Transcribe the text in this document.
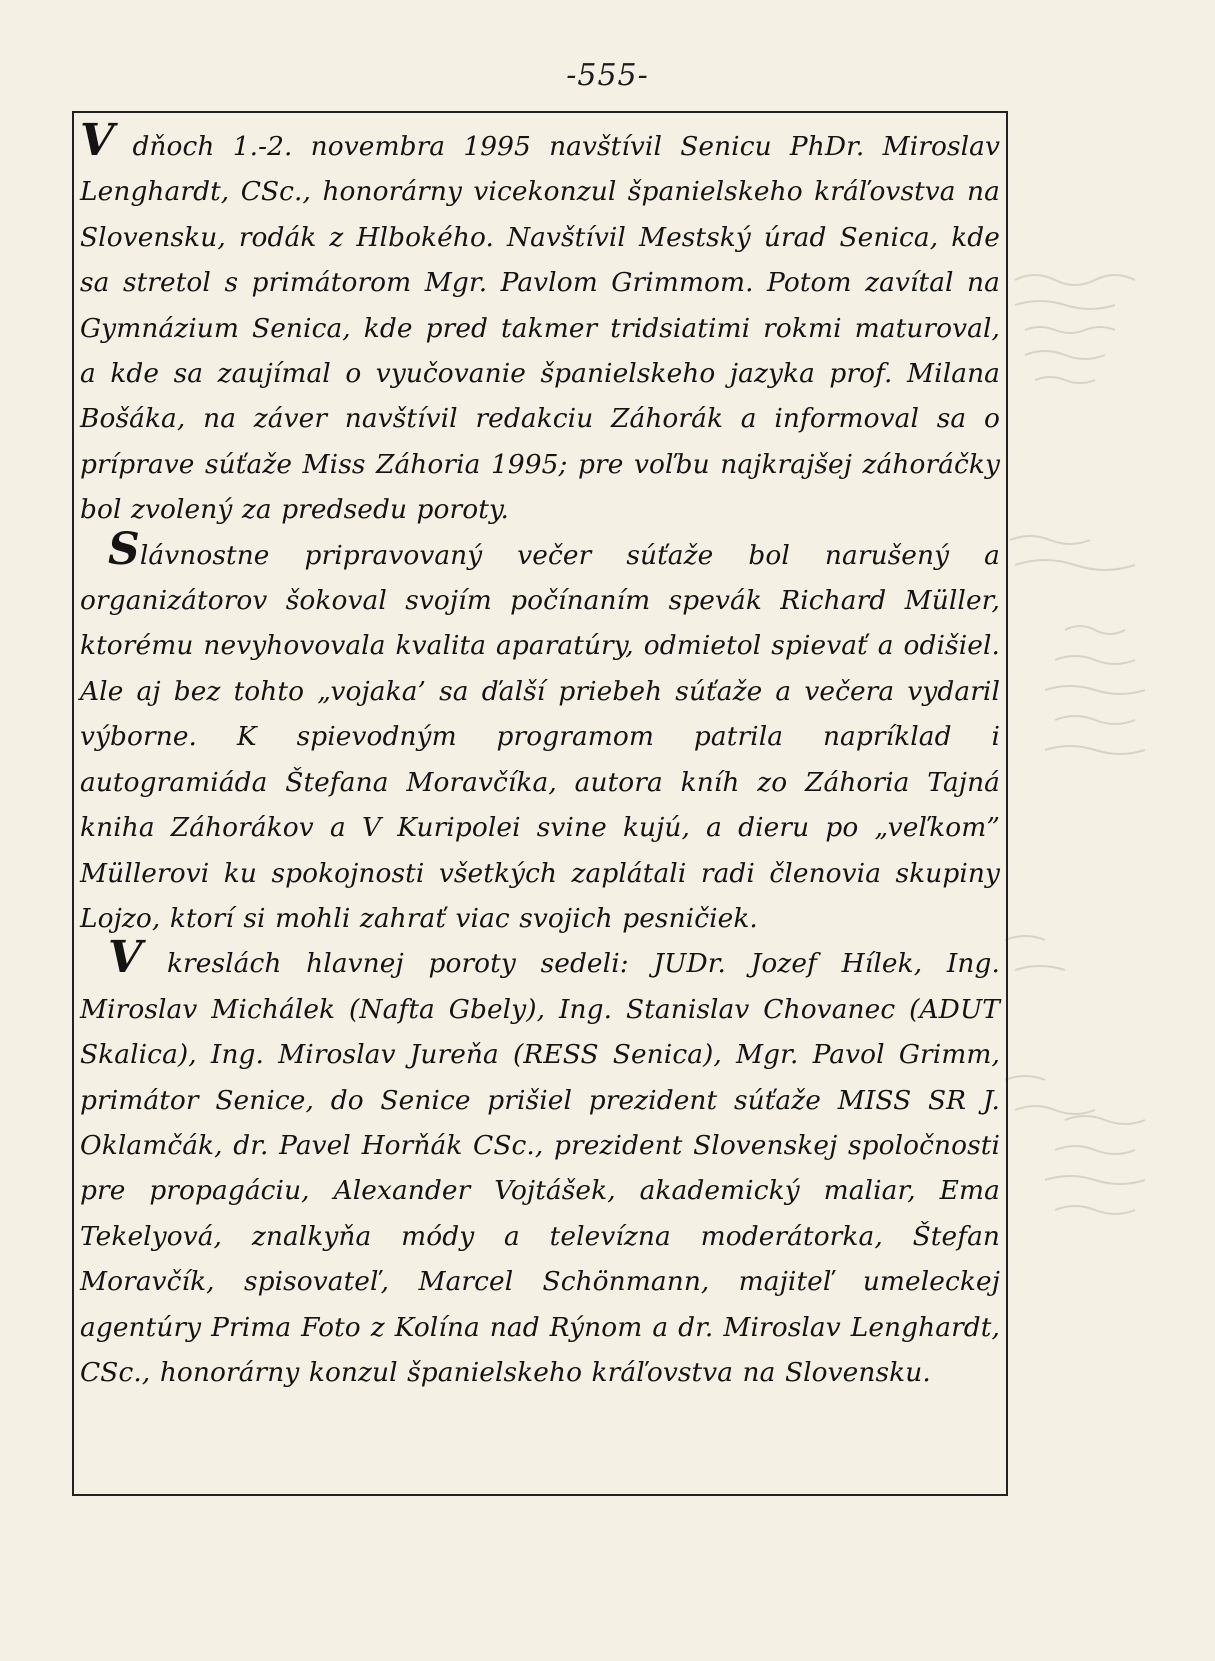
-555-

V dňoch 1.-2. novembra 1995 navštívil Senicu PhDr. Miroslav Lenghardt, CSc., honorárny vicekonzul španielskeho kráľovstva na Slovensku, rodák z Hlbokého. Navštívil Mestský úrad Senica, kde sa stretol s primátorom Mgr. Pavlom Grimmom. Potom zavítal na Gymnázium Senica, kde pred takmer tridsiatimi rokmi maturoval, a kde sa zaujímal o vyučovanie španielskeho jazyka prof. Milana Bošáka, na záver navštívil redakciu Záhorák a informoval sa o príprave súťaže Miss Záhoria 1995; pre voľbu najkrajšej záhoráčky bol zvolený za predsedu poroty.

Slávnostne pripravovaný večer súťaže bol narušený a organizátorov šokoval svojím počínaním spevák Richard Müller, ktorému nevyhovovala kvalita aparatúry, odmietol spievať a odišiel. Ale aj bez tohto „vojaka’ sa ďalší priebeh súťaže a večera vydaril výborne. K spievodným programom patrila napríklad i autogramiáda Štefana Moravčíka, autora kníh zo Záhoria Tajná kniha Záhorákov a V Kuripolei svine kujú, a dieru po „veľkom” Müllerovi ku spokojnosti všetkých zaplátali radi členovia skupiny Lojzo, ktorí si mohli zahrať viac svojich pesničiek.

V kreslách hlavnej poroty sedeli: JUDr. Jozef Hílek, Ing. Miroslav Michálek (Nafta Gbely), Ing. Stanislav Chovanec (ADUT Skalica), Ing. Miroslav Jureňa (RESS Senica), Mgr. Pavol Grimm, primátor Senice, do Senice prišiel prezident súťaže MISS SR J. Oklamčák, dr. Pavel Horňák CSc., prezident Slovenskej spoločnosti pre propagáciu, Alexander Vojtášek, akademický maliar, Ema Tekelyová, znalkyňa módy a televízna moderátorka, Štefan Moravčík, spisovateľ, Marcel Schönmann, majiteľ umeleckej agentúry Prima Foto z Kolína nad Rýnom a dr. Miroslav Lenghardt, CSc., honorárny konzul španielskeho kráľovstva na Slovensku.
